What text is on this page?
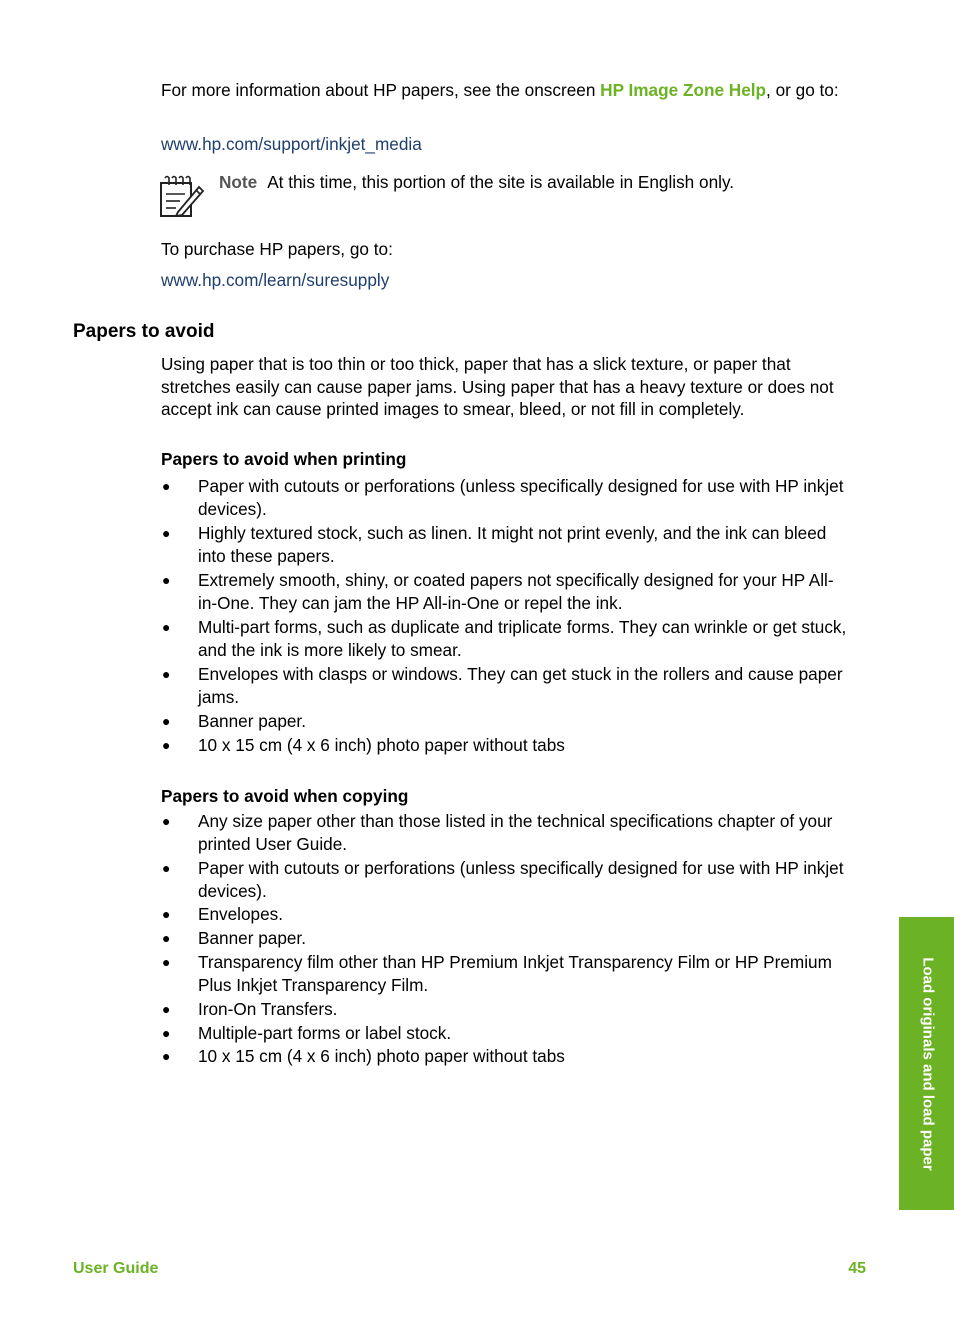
For more information about HP papers, see the onscreen HP Image Zone Help, or go to:
www.hp.com/support/inkjet_media
Note At this time, this portion of the site is available in English only.
To purchase HP papers, go to:
www.hp.com/learn/suresupply
Papers to avoid
Using paper that is too thin or too thick, paper that has a slick texture, or paper that stretches easily can cause paper jams. Using paper that has a heavy texture or does not accept ink can cause printed images to smear, bleed, or not fill in completely.
Papers to avoid when printing
● Paper with cutouts or perforations (unless specifically designed for use with HP inkjet devices).
● Highly textured stock, such as linen. It might not print evenly, and the ink can bleed into these papers.
● Extremely smooth, shiny, or coated papers not specifically designed for your HP All-in-One. They can jam the HP All-in-One or repel the ink.
● Multi-part forms, such as duplicate and triplicate forms. They can wrinkle or get stuck, and the ink is more likely to smear.
● Envelopes with clasps or windows. They can get stuck in the rollers and cause paper jams.
● Banner paper.
● 10 x 15 cm (4 x 6 inch) photo paper without tabs
Papers to avoid when copying
● Any size paper other than those listed in the technical specifications chapter of your printed User Guide.
● Paper with cutouts or perforations (unless specifically designed for use with HP inkjet devices).
● Envelopes.
● Banner paper.
● Transparency film other than HP Premium Inkjet Transparency Film or HP Premium Plus Inkjet Transparency Film.
● Iron-On Transfers.
● Multiple-part forms or label stock.
● 10 x 15 cm (4 x 6 inch) photo paper without tabs	Load originals and load paper
User Guide	45
